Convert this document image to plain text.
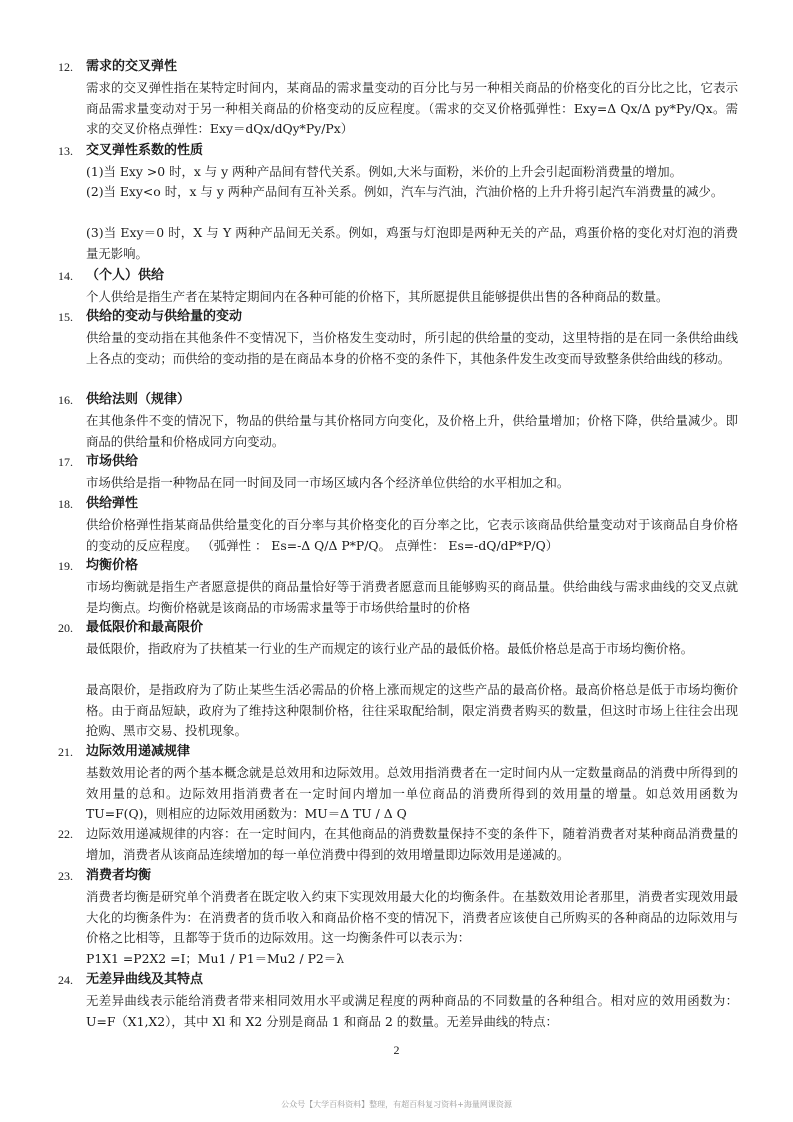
12.	需求的交叉弹性

需求的交叉弹性指在某特定时间内，某商品的需求量变动的百分比与另一种相关商品的价格变化的百分比之比，它表示商品需求量变动对于另一种相关商品的价格变动的反应程度。（需求的交叉价格弧弹性：Exy=Δ Qx/Δ py*Py/Qx。需求的交叉价格点弹性：Exy＝dQx/dQy*Py/Px）

13.	交叉弹性系数的性质

(1)当 Exy >0 时，x 与 y 两种产品间有替代关系。例如,大米与面粉，米价的上升会引起面粉消费量的增加。

(2)当 Exy<o 时，x 与 y 两种产品间有互补关系。例如，汽车与汽油，汽油价格的上升升将引起汽车消费量的减少。

(3)当 Exy＝0 时，X 与 Y 两种产品间无关系。例如，鸡蛋与灯泡即是两种无关的产品，鸡蛋价格的变化对灯泡的消费量无影响。

14.	（个人）供给

个人供给是指生产者在某特定期间内在各种可能的价格下，其所愿提供且能够提供出售的各种商品的数量。

15.	供给的变动与供给量的变动

供给量的变动指在其他条件不变情况下，当价格发生变动时，所引起的供给量的变动，这里特指的是在同一条供给曲线上各点的变动；而供给的变动指的是在商品本身的价格不变的条件下，其他条件发生改变而导致整条供给曲线的移动。

16.	供给法则（规律）

在其他条件不变的情况下，物品的供给量与其价格同方向变化，及价格上升，供给量增加；价格下降，供给量减少。即商品的供给量和价格成同方向变动。

17.	市场供给

市场供给是指一种物品在同一时间及同一市场区域内各个经济单位供给的水平相加之和。

18.	供给弹性

供给价格弹性指某商品供给量变化的百分率与其价格变化的百分率之比，它表示该商品供给量变动对于该商品自身价格的变动的反应程度。 （弧弹性 ： Es=-Δ Q/Δ P*P/Q。 点弹性： Es=-dQ/dP*P/Q）

19.	均衡价格

市场均衡就是指生产者愿意提供的商品量恰好等于消费者愿意而且能够购买的商品量。供给曲线与需求曲线的交叉点就是均衡点。均衡价格就是该商品的市场需求量等于市场供给量时的价格

20.	最低限价和最高限价

最低限价，指政府为了扶植某一行业的生产而规定的该行业产品的最低价格。最低价格总是高于市场均衡价格。

最高限价，是指政府为了防止某些生活必需品的价格上涨而规定的这些产品的最高价格。最高价格总是低于市场均衡价格。由于商品短缺，政府为了维持这种限制价格，往往采取配给制，限定消费者购买的数量，但这时市场上往往会出现抢购、黑市交易、投机现象。

21.	边际效用递减规律

基数效用论者的两个基本概念就是总效用和边际效用。总效用指消费者在一定时间内从一定数量商品的消费中所得到的效用量的总和。边际效用指消费者在一定时间内增加一单位商品的消费所得到的效用量的增量。如总效用函数为 TU=F(Q)，则相应的边际效用函数为：MU＝Δ TU / Δ Q

22.	边际效用递减规律的内容：在一定时间内，在其他商品的消费数量保持不变的条件下，随着消费者对某种商品消费量的增加，消费者从该商品连续增加的每一单位消费中得到的效用增量即边际效用是递减的。

23.	消费者均衡

消费者均衡是研究单个消费者在既定收入约束下实现效用最大化的均衡条件。在基数效用论者那里，消费者实现效用最大化的均衡条件为：在消费者的货币收入和商品价格不变的情况下，消费者应该使自己所购买的各种商品的边际效用与价格之比相等，且都等于货币的边际效用。这一均衡条件可以表示为：

P1X1 =P2X2 =I；Mu1 / P1＝Mu2 / P2＝λ

24.	无差异曲线及其特点

无差异曲线表示能给消费者带来相同效用水平或满足程度的两种商品的不同数量的各种组合。相对应的效用函数为：U=F（X1,X2），其中 Xl 和 X2 分别是商品 1 和商品 2 的数量。无差异曲线的特点：

2
公众号【大学百科资料】整理，有超百科复习资料+海量网课资源
